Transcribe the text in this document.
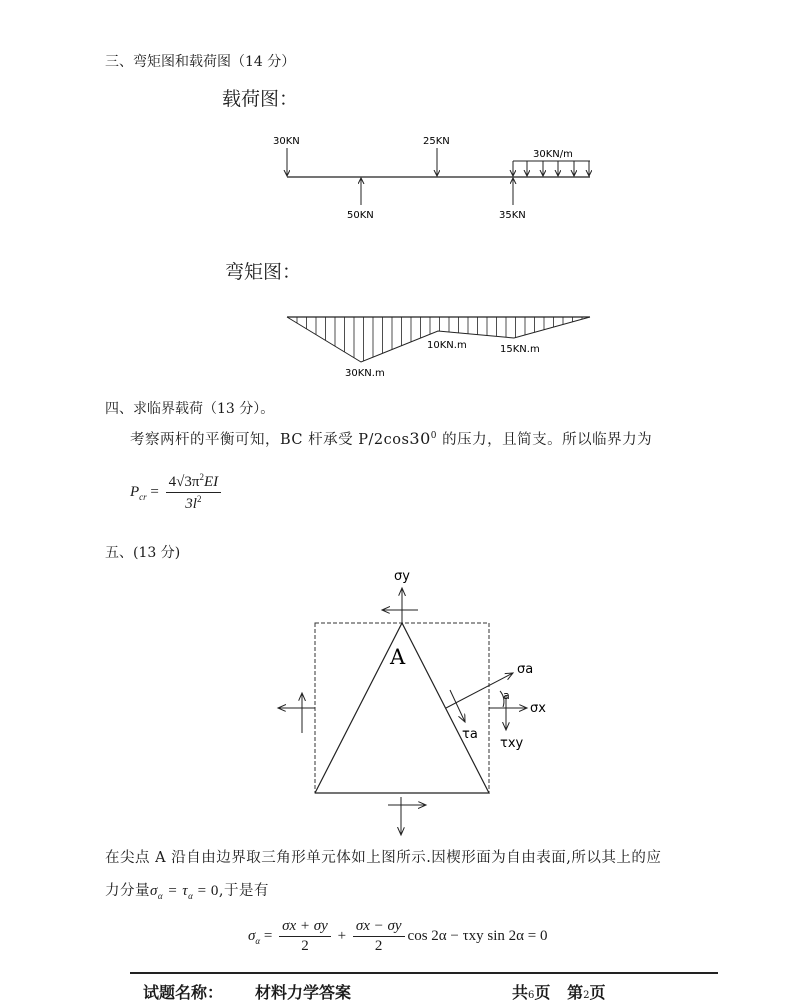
三、弯矩图和载荷图（14 分）
载荷图：
30KN	25KN
50KN	35KN
30KN/m
30KN.m
10KN.m	15KN.m
弯矩图：
四、求临界载荷（13 分）。
考察两杆的平衡可知，BC 杆承受 $P/2\cos 30^0$ 的压力，且简支。所以临界力为
$P_{cr} = \frac{4√3\pi^2EI}{3l^2}$
五、(13 分)
A
σy
σx
τxy
σa
τa
a
在尖点 A 沿自由边界取三角形单元体如上图所示.因楔形面为自由表面,所以其上的应
力分量$\sigma_\alpha = \tau_\alpha = 0$,于是有
$\sigma_\alpha = \frac{\sigma x + \sigma y}{2} + \frac{\sigma x - \sigma y}{2}$ cos 2α − τxy sin 2α = 0
试题名称： 材料力学答案	共6页 第2页
